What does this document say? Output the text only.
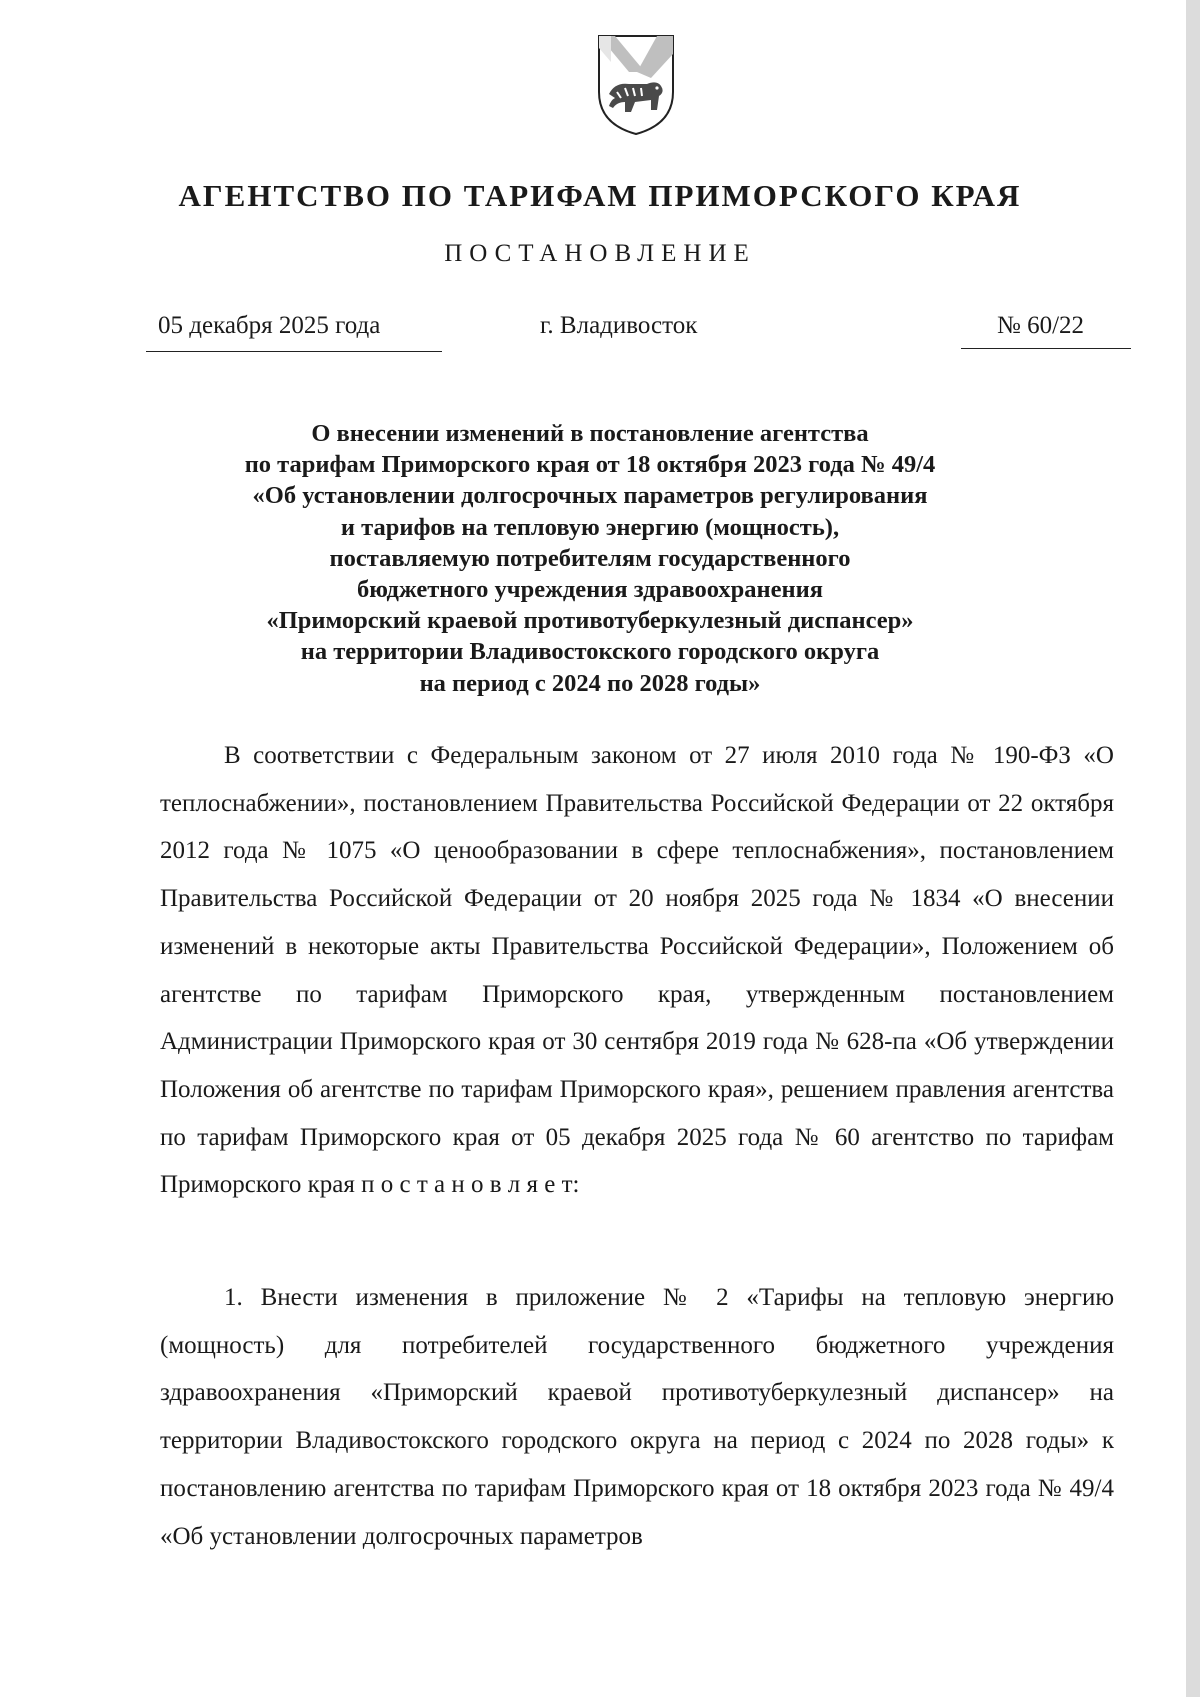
АГЕНТСТВО ПО ТАРИФАМ ПРИМОРСКОГО КРАЯ
ПОСТАНОВЛЕНИЕ
05 декабря 2025 года	г. Владивосток	№ 60/22
О внесении изменений в постановление агентства
по тарифам Приморского края от 18 октября 2023 года № 49/4
«Об установлении долгосрочных параметров регулирования
и тарифов на тепловую энергию (мощность),
поставляемую потребителям государственного
бюджетного учреждения здравоохранения
«Приморский краевой противотуберкулезный диспансер»
на территории Владивостокского городского округа
на период с 2024 по 2028 годы»
В соответствии с Федеральным законом от 27 июля 2010 года № 190-ФЗ «О теплоснабжении», постановлением Правительства Российской Федерации от 22 октября 2012 года № 1075 «О ценообразовании в сфере теплоснабжения», постановлением Правительства Российской Федерации от 20 ноября 2025 года № 1834 «О внесении изменений в некоторые акты Правительства Российской Федерации», Положением об агентстве по тарифам Приморского края, утвержденным постановлением Администрации Приморского края от 30 сентября 2019 года № 628-па «Об утверждении Положения об агентстве по тарифам Приморского края», решением правления агентства по тарифам Приморского края от 05 декабря 2025 года № 60 агентство по тарифам Приморского края п о с т а н о в л я е т:
1. Внести изменения в приложение № 2 «Тарифы на тепловую энергию (мощность) для потребителей государственного бюджетного учреждения здравоохранения «Приморский краевой противотуберкулезный диспансер» на территории Владивостокского городского округа на период с 2024 по 2028 годы» к постановлению агентства по тарифам Приморского края от 18 октября 2023 года № 49/4 «Об установлении долгосрочных параметров
